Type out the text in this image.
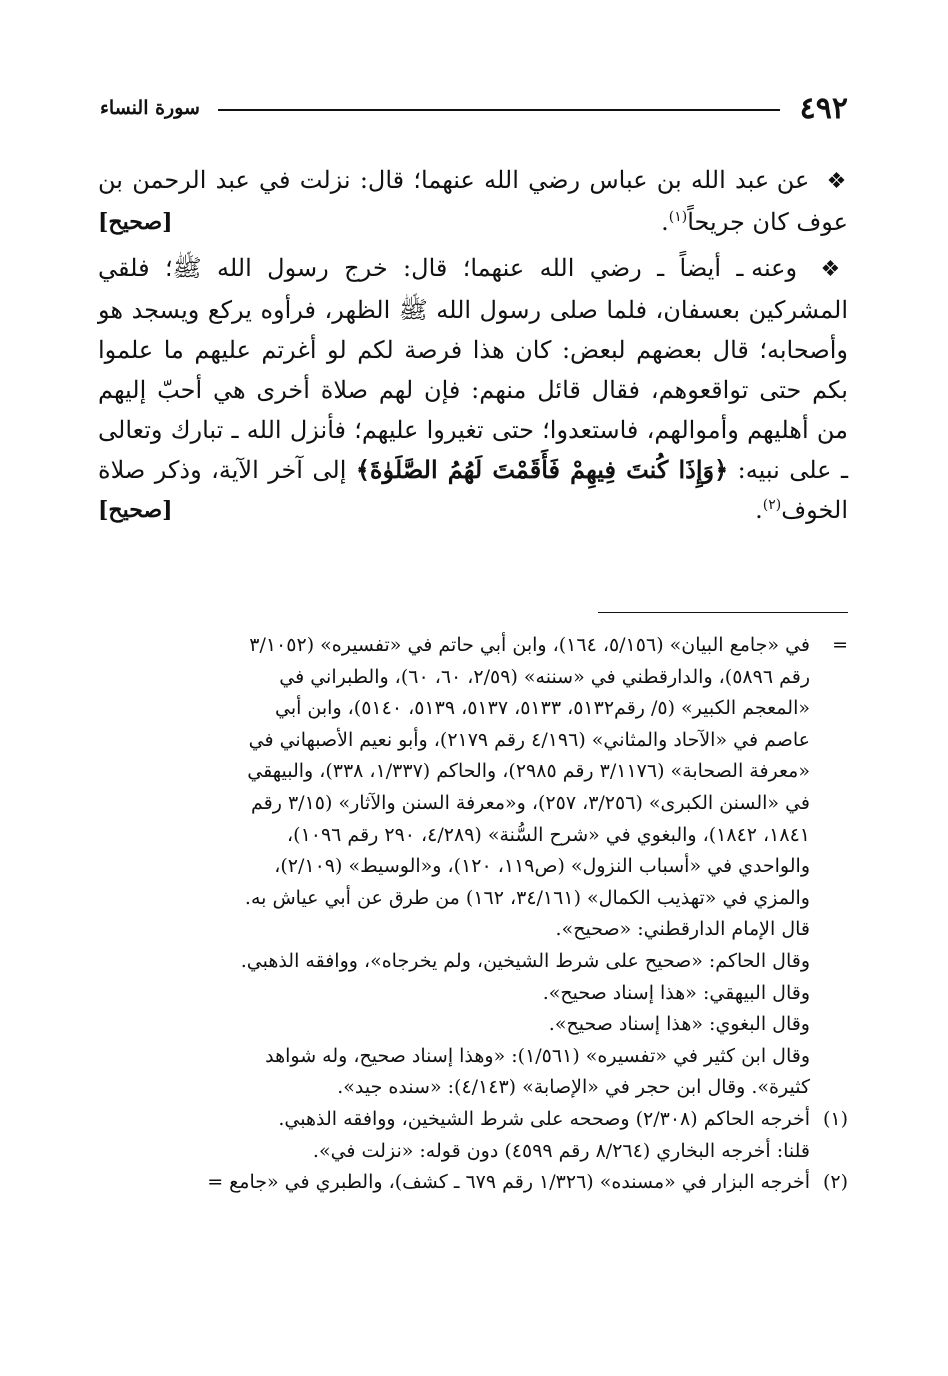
٤٩٢
سورة النساء

❖ عن عبد الله بن عباس رضي الله عنهما؛ قال: نزلت في عبد الرحمن بن عوف كان جريحاً$^{(١)}$.
[صحيح]

❖ وعنه ـ أيضاً ـ رضي الله عنهما؛ قال: خرج رسول الله ﷺ؛ فلقي المشركين بعسفان، فلما صلى رسول الله ﷺ الظهر، فرأوه يركع ويسجد هو وأصحابه؛ قال بعضهم لبعض: كان هذا فرصة لكم لو أغرتم عليهم ما علموا بكم حتى تواقعوهم، فقال قائل منهم: فإن لهم صلاة أخرى هي أحبّ إليهم من أهليهم وأموالهم، فاستعدوا؛ حتى تغيروا عليهم؛ فأنزل الله ـ تبارك وتعالى ـ على نبيه: ﴿وَإِذَا كُنتَ فِيهِمْ فَأَقَمْتَ لَهُمُ الصَّلَوٰةَ﴾ إلى آخر الآية، وذكر صلاة الخوف$^{(٢)}$.
[صحيح]

=
في «جامع البيان» (٥/١٥٦، ١٦٤)، وابن أبي حاتم في «تفسيره» (٣/١٠٥٢
رقم ٥٨٩٦)، والدارقطني في «سننه» (٢/٥٩، ٦٠، ٦٠)، والطبراني في
«المعجم الكبير» (٥/ رقم٥١٣٢، ٥١٣٣، ٥١٣٧، ٥١٣٩، ٥١٤٠)، وابن أبي
عاصم في «الآحاد والمثاني» (٤/١٩٦ رقم ٢١٧٩)، وأبو نعيم الأصبهاني في
«معرفة الصحابة» (٣/١١٧٦ رقم ٢٩٨٥)، والحاكم (١/٣٣٧، ٣٣٨)، والبيهقي
في «السنن الكبرى» (٣/٢٥٦، ٢٥٧)، و«معرفة السنن والآثار» (٣/١٥ رقم
١٨٤١، ١٨٤٢)، والبغوي في «شرح السُّنة» (٤/٢٨٩، ٢٩٠ رقم ١٠٩٦)،
والواحدي في «أسباب النزول» (ص١١٩، ١٢٠)، و«الوسيط» (٢/١٠٩)،
والمزي في «تهذيب الكمال» (٣٤/١٦١، ١٦٢) من طرق عن أبي عياش به.
قال الإمام الدارقطني: «صحيح».
وقال الحاكم: «صحيح على شرط الشيخين، ولم يخرجاه»، ووافقه الذهبي.
وقال البيهقي: «هذا إسناد صحيح».
وقال البغوي: «هذا إسناد صحيح».
وقال ابن كثير في «تفسيره» (١/٥٦١): «وهذا إسناد صحيح، وله شواهد
كثيرة». وقال ابن حجر في «الإصابة» (٤/١٤٣): «سنده جيد».
(١)
أخرجه الحاكم (٢/٣٠٨) وصححه على شرط الشيخين، ووافقه الذهبي.
قلنا: أخرجه البخاري (٨/٢٦٤ رقم ٤٥٩٩) دون قوله: «نزلت في».
(٢)
أخرجه البزار في «مسنده» (١/٣٢٦ رقم ٦٧٩ ـ كشف)، والطبري في «جامع =
